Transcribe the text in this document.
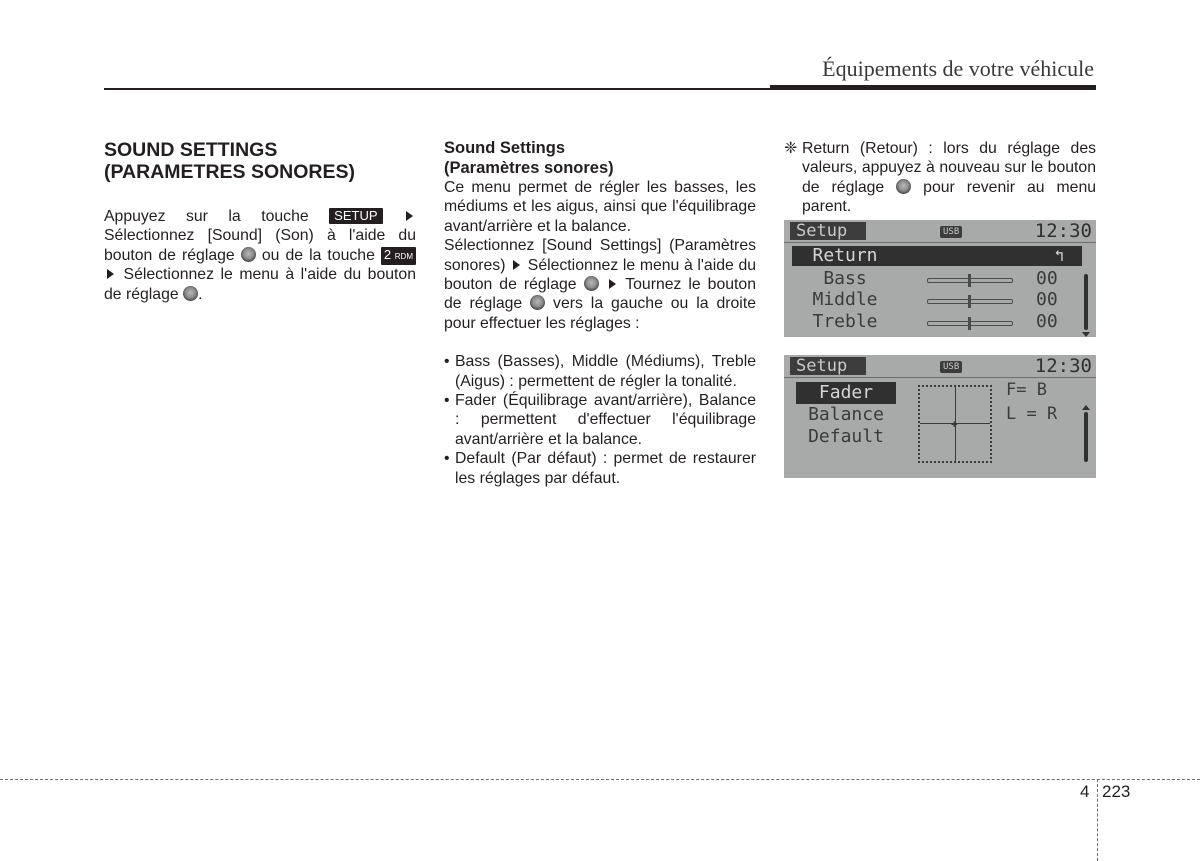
Équipements de votre véhicule
SOUND SETTINGS
(PARAMETRES SONORES)

Appuyez sur la touche SETUP  Sélectionnez [Sound] (Son) à l'aide du bouton de réglage ou de la touche 2 RDM  Sélectionnez le menu à l'aide du bouton de réglage .

Sound Settings
(Paramètres sonores)

Ce menu permet de régler les basses, les médiums et les aigus, ainsi que l'équilibrage avant/arrière et la balance.

Sélectionnez [Sound Settings] (Paramètres sonores) Sélectionnez le menu à l'aide du bouton de réglage	Tournez le bouton de réglage vers la gauche ou la droite pour effectuer les réglages :

• Bass (Basses), Middle (Médiums), Treble (Aigus) : permettent de régler la tonalité.
• Fader (Équilibrage avant/arrière), Balance : permettent d'effectuer l'équilibrage avant/arrière et la balance.
• Default (Par défaut) : permet de restaurer les réglages par défaut.
❈ Return (Retour) : lors du réglage des valeurs, appuyez à nouveau sur le bouton de réglage pour revenir au menu parent.
Setup	USB	12:30
Return	↰
Bass	00
Middle	00
Treble	00
Setup	USB	12:30
Fader
Balance
Default
✚
F= B
L = R
4 223
